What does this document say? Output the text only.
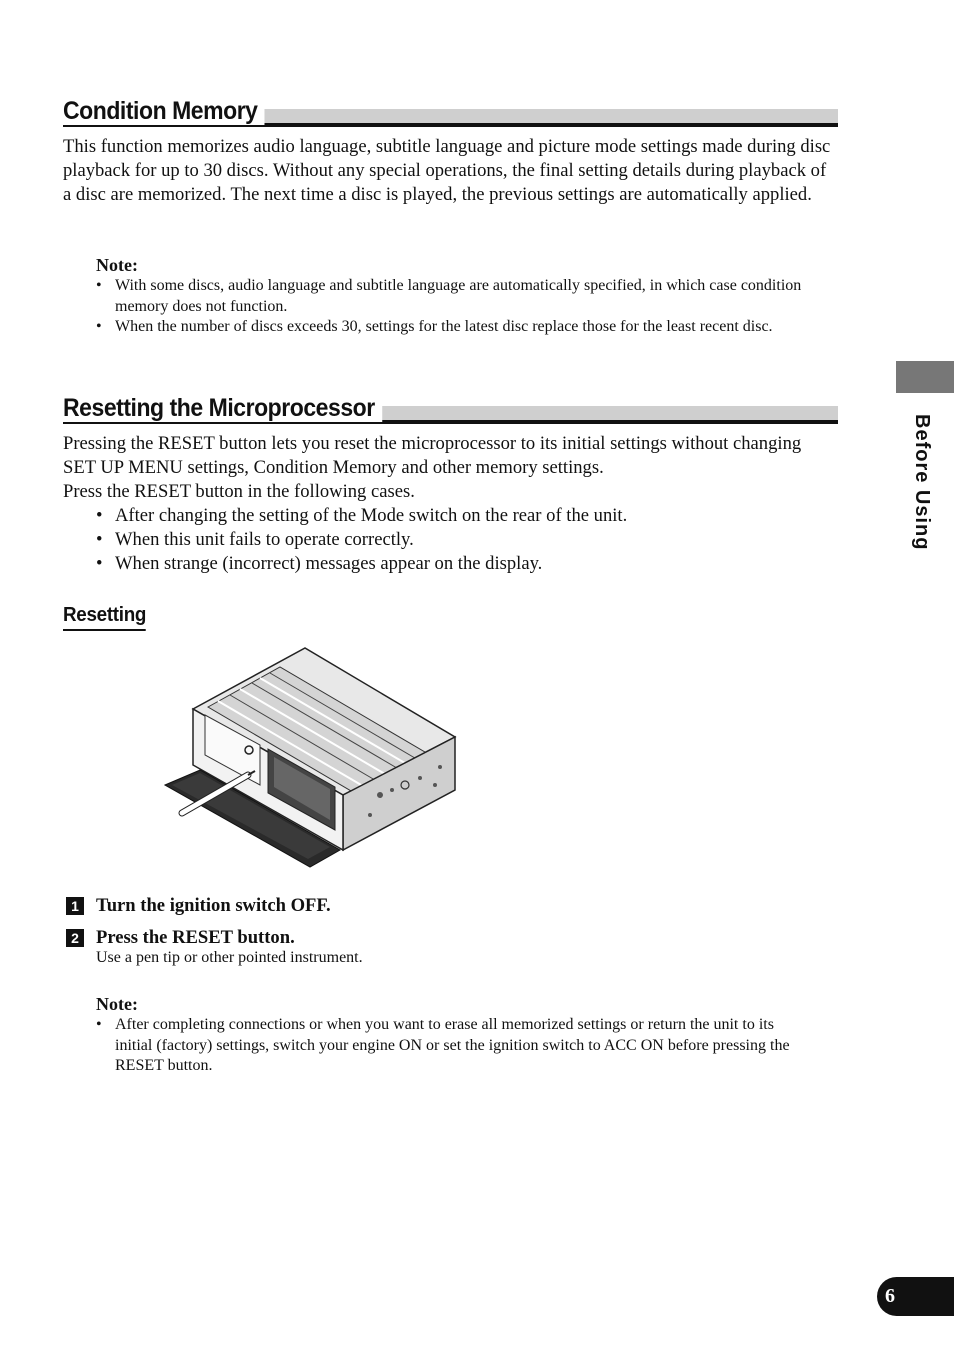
Condition Memory

This function memorizes audio language, subtitle language and picture mode settings made during disc playback for up to 30 discs. Without any special operations, the final setting details during playback of a disc are memorized. The next time a disc is played, the previous settings are automatically applied.

Note:
• With some discs, audio language and subtitle language are automatically specified, in which case condition memory does not function.
• When the number of discs exceeds 30, settings for the latest disc replace those for the least recent disc.
Resetting the Microprocessor

Pressing the RESET button lets you reset the microprocessor to its initial settings without changing SET UP MENU settings, Condition Memory and other memory settings.

Press the RESET button in the following cases.

• After changing the setting of the Mode switch on the rear of the unit.
• When this unit fails to operate correctly.
• When strange (incorrect) messages appear on the display.
Resetting
1 Turn the ignition switch OFF.
2 Press the RESET button.
Use a pen tip or other pointed instrument.
Note:
• After completing connections or when you want to erase all memorized settings or return the unit to its initial (factory) settings, switch your engine ON or set the ignition switch to ACC ON before pressing the RESET button.
Before Using
6
